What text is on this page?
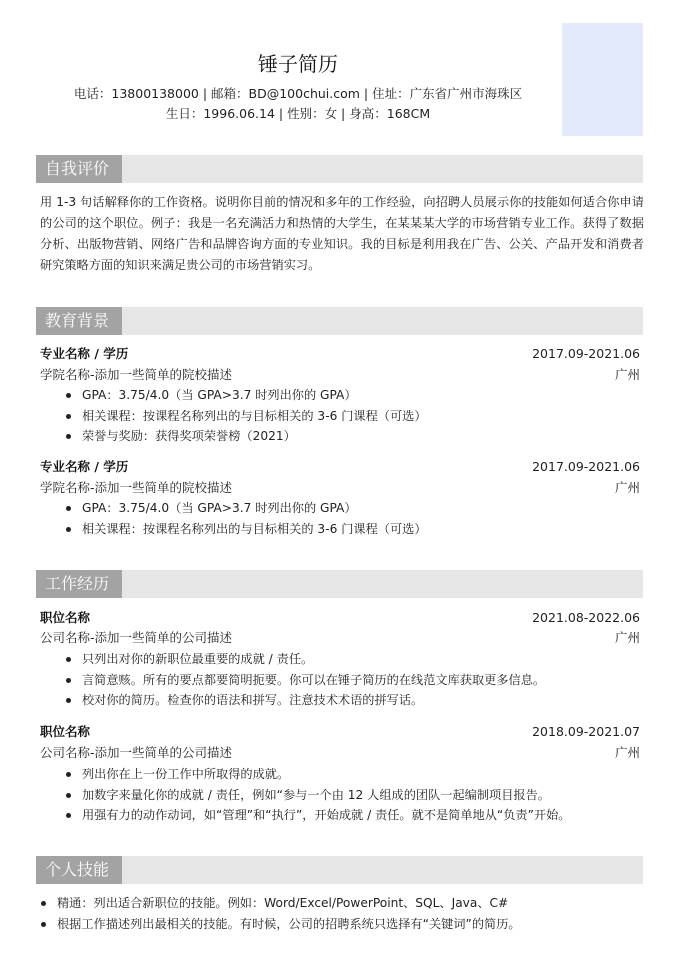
锤子简历
电话：13800138000 | 邮箱：BD@100chui.com | 住址：广东省广州市海珠区
生日：1996.06.14 | 性别：女 | 身高：168CM
自我评价
用 1-3 句话解释你的工作资格。说明你目前的情况和多年的工作经验，向招聘人员展示你的技能如何适合你申请的公司的这个职位。例子：我是一名充满活力和热情的大学生，在某某某大学的市场营销专业工作。获得了数据分析、出版物营销、网络广告和品牌咨询方面的专业知识。我的目标是利用我在广告、公关、产品开发和消费者研究策略方面的知识来满足贵公司的市场营销实习。
教育背景
专业名称 / 学历	2017.09-2021.06
学院名称-添加一些简单的院校描述	广州
GPA：3.75/4.0（当 GPA>3.7 时列出你的 GPA）
相关课程：按课程名称列出的与目标相关的 3-6 门课程（可选）
荣誉与奖励：获得奖项荣誉榜（2021）
专业名称 / 学历	2017.09-2021.06
学院名称-添加一些简单的院校描述	广州
GPA：3.75/4.0（当 GPA>3.7 时列出你的 GPA）
相关课程：按课程名称列出的与目标相关的 3-6 门课程（可选）
工作经历
职位名称	2021.08-2022.06
公司名称-添加一些简单的公司描述	广州
只列出对你的新职位最重要的成就 / 责任。
言简意赅。所有的要点都要简明扼要。你可以在锤子简历的在线范文库获取更多信息。
校对你的简历。检查你的语法和拼写。注意技术术语的拼写话。
职位名称	2018.09-2021.07
公司名称-添加一些简单的公司描述	广州
列出你在上一份工作中所取得的成就。
加数字来量化你的成就 / 责任，例如“参与一个由 12 人组成的团队一起编制项目报告。
用强有力的动作动词，如“管理”和“执行”，开始成就 / 责任。就不是简单地从“负责”开始。
个人技能
精通：列出适合新职位的技能。例如：Word/Excel/PowerPoint、SQL、Java、C#
根据工作描述列出最相关的技能。有时候，公司的招聘系统只选择有“关键词”的简历。
